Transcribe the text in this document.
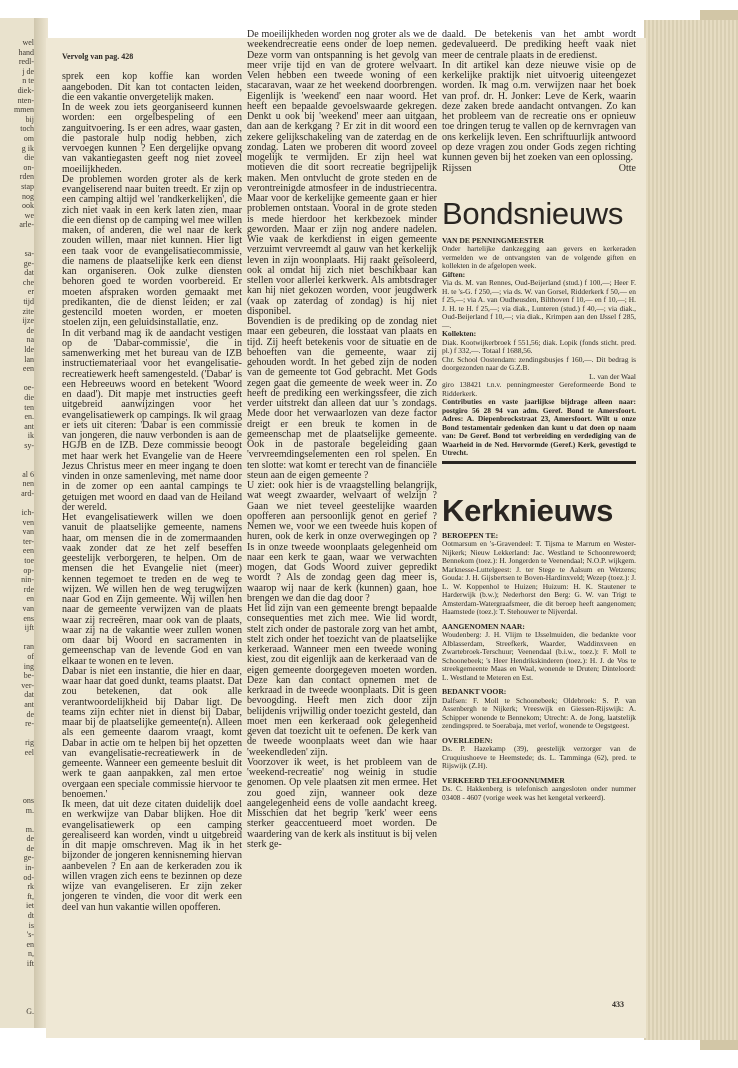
wel
hand
redl-
j de
n te
diek-
nten-
mmen
bij
toch
om
g ik
die
on-
rden
stap
nog
ook
we
arle-

sa-
ge-
dat
che
er
tijd
zite
ijze
de
na
lde
lan
een

oe-
die
ten
en.
ant
ik
sy-

al 6
nen
ard-

ich-
ven
van
ter-
een
toe
op-
nin-
rde
en
van
ens
ijft

ran
of
ing
be-
ver-
dat
ant
de
re-

rig
eel

ons
m.

m.
de
de
ge-
in-
od-
rk
ft,
iet
dt
is
's-
en
n,
ift

G.

Vervolg van pag. 428

sprek een kop koffie kan worden aangeboden. Dit kan tot contacten leiden, die een vakantie onvergetelijk maken.

In de week zou iets georganiseerd kunnen worden: een orgelbespeling of een zanguitvoering. Is er een adres, waar gasten, die pastorale hulp nodig hebben, zich vervoegen kunnen ? Een dergelijke opvang van vakantiegasten geeft nog niet zoveel moeilijkheden.

De problemen worden groter als de kerk evangeliserend naar buiten treedt. Er zijn op een camping altijd wel 'randkerkelijken', die zich niet vaak in een kerk laten zien, maar die een dienst op de camping wel mee willen maken, of anderen, die wel naar de kerk zouden willen, maar niet kunnen. Hier ligt een taak voor de evangelisatiecommissie, die namens de plaatselijke kerk een dienst kan organiseren. Ook zulke diensten behoren goed te worden voorbereid. Er moeten afspraken worden gemaakt met predikanten, die de dienst leiden; er zal gestencild moeten worden, er moeten stoelen zijn, een geluidsinstallatie, enz.

In dit verband mag ik de aandacht vestigen op de 'Dabar-commissie', die in samenwerking met het bureau van de IZB instructiemateriaal voor het evangelisatie-recreatiewerk heeft samengesteld. ('Dabar' is een Hebreeuws woord en betekent 'Woord en daad'). Dit mapje met instructies geeft uitgebreid aanwijzingen voor het evangelisatiewerk op campings. Ik wil graag er iets uit citeren: 'Dabar is een commissie van jongeren, die nauw verbonden is aan de HGJB en de IZB. Deze commissie beoogt met haar werk het Evangelie van de Heere Jezus Christus meer en meer ingang te doen vinden in onze samenleving, met name door in de zomer op een aantal campings te getuigen met woord en daad van de Heiland der wereld.

Het evangelisatiewerk willen we doen vanuit de plaatselijke gemeente, namens haar, om mensen die in de zomermaanden vaak zonder dat ze het zelf beseffen geestelijk verborgeren, te helpen. Om de mensen die het Evangelie niet (meer) kennen tegemoet te treden en de weg te wijzen. We willen hen de weg terugwijzen naar God en Zijn gemeente. Wij willen hen naar de gemeente verwijzen van de plaats waar zij recreëren, maar ook van de plaats, waar zij na de vakantie weer zullen wonen om daar bij Woord en sacramenten in gemeenschap van de levende God en van elkaar te wonen en te leven.

Dabar is niet een instantie, die hier en daar, waar haar dat goed dunkt, teams plaatst. Dat zou betekenen, dat ook alle verantwoordelijkheid bij Dabar ligt. De teams zijn echter niet in dienst bij Dabar, maar bij de plaatselijke gemeente(n). Alleen als een gemeente daarom vraagt, komt Dabar in actie om te helpen bij het opzetten van evangelisatie-recreatiewerk in de gemeente. Wanneer een gemeente besluit dit werk te gaan aanpakken, zal men ertoe overgaan een speciale commissie hiervoor te benoemen.'

Ik meen, dat uit deze citaten duidelijk doel en werkwijze van Dabar blijken. Hoe dit evangelisatiewerk op een camping gerealiseerd kan worden, vindt u uitgebreid in dit mapje omschreven. Mag ik in het bijzonder de jongeren kennisneming hiervan aanbevelen ? En aan de kerkeraden zou ik willen vragen zich eens te bezinnen op deze wijze van evangeliseren. Er zijn zeker jongeren te vinden, die voor dit werk een deel van hun vakantie willen opofferen.

De moeilijkheden worden nog groter als we de weekendrecreatie eens onder de loep nemen. Deze vorm van ontspanning is het gevolg van meer vrije tijd en van de grotere welvaart. Velen hebben een tweede woning of een stacaravan, waar ze het weekend doorbrengen. Eigenlijk is 'weekend' een naar woord. Het heeft een bepaalde gevoelswaarde gekregen. Denkt u ook bij 'weekend' meer aan uitgaan, dan aan de kerkgang ? Er zit in dit woord een zekere gelijkschakeling van de zaterdag en de zondag. Laten we proberen dit woord zoveel mogelijk te vermijden. Er zijn heel wat motieven die dit soort recreatie begrijpelijk maken. Men ontvlucht de grote steden en de verontreinigde atmosfeer in de industriecentra. Maar voor de kerkelijke gemeente gaan er hier problemen ontstaan. Vooral in de grote steden is mede hierdoor het kerkbezoek minder geworden. Maar er zijn nog andere nadelen. Wie vaak de kerkdienst in eigen gemeente verzuimt vervreemdt al gauw van het kerkelijk leven in zijn woonplaats. Hij raakt geïsoleerd, ook al omdat hij zich niet beschikbaar kan stellen voor allerlei kerkwerk. Als ambtsdrager kan hij niet gekozen worden, voor jeugdwerk (vaak op zaterdag of zondag) is hij niet disponibel.

Bovendien is de prediking op de zondag niet maar een gebeuren, die losstaat van plaats en tijd. Zij heeft betekenis voor de situatie en de behoeften van die gemeente, waar zij gehouden wordt. In het gebed zijn de noden van de gemeente tot God gebracht. Met Gods zegen gaat die gemeente de week weer in. Zo heeft de prediking een werkingssfeer, die zich verder uitstrekt dan alleen dat uur 's zondags. Mede door het verwaarlozen van deze factor dreigt er een breuk te komen in de gemeenschap met de plaatselijke gemeente. Ook in de pastorale begeleiding gaan 'vervreemdingselementen een rol spelen. En ten slotte: wat komt er terecht van de financiële steun aan de eigen gemeente ?

U ziet: ook hier is de vraagstelling belangrijk, wat weegt zwaarder, welvaart of welzijn ? Gaan we niet teveel geestelijke waarden opofferen aan persoonlijk genot en gerief ? Nemen we, voor we een tweede huis kopen of huren, ook de kerk in onze overwegingen op ? Is in onze tweede woonplaats gelegenheid om naar een kerk te gaan, waar we verwachten mogen, dat Gods Woord zuiver gepredikt wordt ? Als de zondag geen dag meer is, waarop wij naar de kerk (kunnen) gaan, hoe brengen we dan die dag door ?

Het lid zijn van een gemeente brengt bepaalde consequenties met zich mee. Wie lid wordt, stelt zich onder de pastorale zorg van het ambt, stelt zich onder het toezicht van de plaatselijke kerkeraad. Wanneer men een tweede woning kiest, zou dit eigenlijk aan de kerkeraad van de eigen gemeente doorgegeven moeten worden. Deze kan dan contact opnemen met de kerkraad in de tweede woonplaats. Dit is geen bevoogding. Heeft men zich door zijn belijdenis vrijwillig onder toezicht gesteld, dan moet men een kerkeraad ook gelegenheid geven dat toezicht uit te oefenen. De kerk van de tweede woonplaats weet dan wie haar 'weekendleden' zijn.

Voorzover ik weet, is het probleem van de 'weekend-recreatie' nog weinig in studie genomen. Op vele plaatsen zit men ermee. Het zou goed zijn, wanneer ook deze aangelegenheid eens de volle aandacht kreeg. Misschien dat het begrip 'kerk' weer eens sterker geaccentueerd moet worden. De waardering van de kerk als instituut is bij velen sterk ge-

daald. De betekenis van het ambt wordt gedevalueerd. De prediking heeft vaak niet meer de centrale plaats in de eredienst.

In dit artikel kan deze nieuwe visie op de kerkelijke praktijk niet uitvoerig uiteengezet worden. Ik mag o.m. verwijzen naar het boek van prof. dr. H. Jonker: Leve de Kerk, waarin deze zaken brede aandacht ontvangen. Zo kan het probleem van de recreatie ons er opnieuw toe dringen terug te vallen op de kernvragen van ons kerkelijk leven. Een schriftuurlijk antwoord op deze vragen zou onder Gods zegen richting kunnen geven bij het zoeken van een oplossing.

Rijssen	Otte
Bondsnieuws

VAN DE PENNINGMEESTER

Onder hartelijke dankzegging aan gevers en kerkeraden vermelden we de ontvangsten van de volgende giften en kollekten in de afgelopen week.

Giften:

Via ds. M. van Rennes, Oud-Beijerland (stud.) f 100,—; Heer F. H. te 's-G. f 250,—; via ds. W. van Gorsel, Ridderkerk f 50,— en f 25,—; via A. van Oudheusden, Bilthoven f 10,— en f 10,—; H. J. H. te H. f 25,—; via diak., Lunteren (stud.) f 40,—; via diak., Oud-Beijerland f 10,—; via diak., Krimpen aan den IJssel f 285,—.

Kollekten:

Diak. Kootwijkerbroek f 551,56; diak. Lopik (fonds sticht. pred. pl.) f 332,—. Totaal f 1688,56.

Chr. School Oostendam: zendingsbusjes f 160,—. Dit bedrag is doorgezonden naar de G.Z.B.

L. van der Waal

giro 138421 t.n.v. penningmeester Gereformeerde Bond te Ridderkerk.

Contributies en vaste jaarlijkse bijdrage alleen naar: postgiro 56 28 94 van adm. Geref. Bond te Amersfoort. Adres: A. Diepenbrockstraat 23, Amersfoort. Wilt u onze Bond testamentair gedenken dan kunt u dat doen op naam van: De Geref. Bond tot verbreiding en verdediging van de Waarheid in de Ned. Hervormde (Geref.) Kerk, gevestigd te Utrecht.

Kerknieuws

BEROEPEN TE:

Ootmarsum en 's-Gravendeel: T. Tijsma te Marrum en Wester-Nijkerk; Nieuw Lekkerland: Jac. Westland te Schoonrewoerd; Bennekom (toez.): H. Jongerden te Veenendaal; N.O.P. wijkgem. Marknesse-Luttelgeest: J. ter Stege te Aalsum en Wetzens; Gouda: J. H. Gijsbertsen te Boven-Hardinxveld; Wezep (toez.): J. L. W. Koppenhol te Huizen; Huizum: H. K. Stautener te Harderwijk (b.w.); Nederhorst den Berg: G. W. van Trigt te Amsterdam-Watergraafsmeer, die dit beroep heeft aangenomen; Haamstede (toez.): T. Stehouwer te Nijverdal.

AANGENOMEN NAAR:

Woudenberg: J. H. Vlijm te IJsselmuiden, die bedankte voor Alblasserdam, Streefkerk, Waarder, Waddinxveen en Zwartebroek-Terschuur; Veenendaal (b.i.w., toez.): F. Moll te Schoonebeek; 's Heer Hendrikskinderen (toez.): H. J. de Vos te streekgemeente Maas en Waal, wonende te Druten; Dinteloord: L. Westland te Meteren en Est.

BEDANKT VOOR:

Dalfsen: F. Moll te Schoonebeek; Oldebroek: S. P. van Assenbergh te Nijkerk; Vreeswijk en Giessen-Rijswijk: A. Schipper wonende te Bennekom; Utrecht: A. de Jong, laatstelijk zendingspred. te Soerabaja, met verlof, wonende te Oegstgeest.

OVERLEDEN:

Ds. P. Hazekamp (39), geestelijk verzorger van de Cruquiushoeve te Heemstede; ds. L. Tamminga (62), pred. te Rijswijk (Z.H).

VERKEERD TELEFOONNUMMER

Ds. C. Hakkenberg is telefonisch aangesloten onder nummer 03408 - 4607 (vorige week was het kengetal verkeerd).

433
